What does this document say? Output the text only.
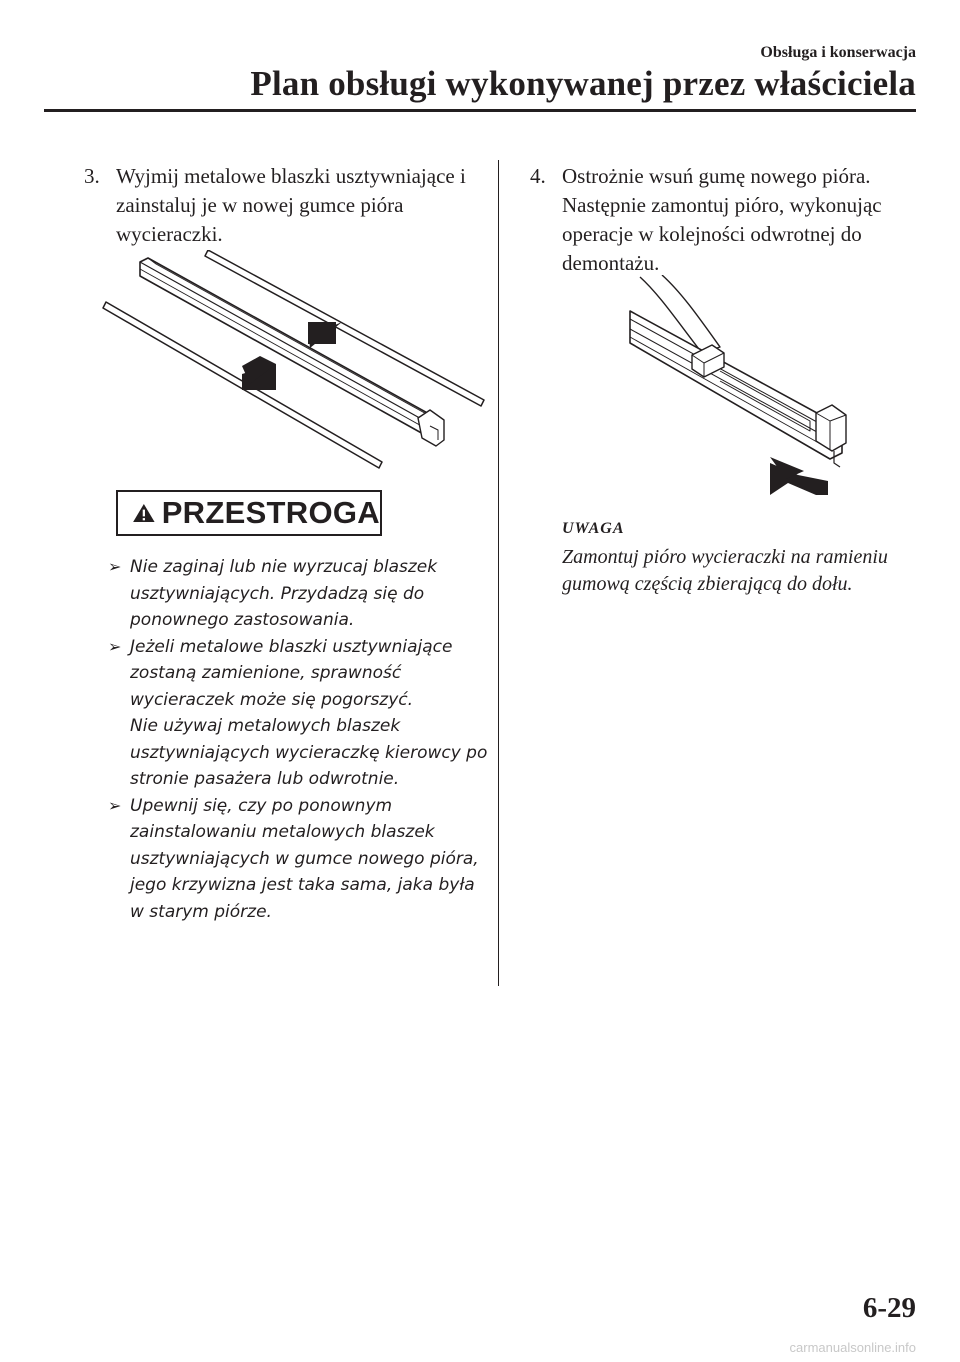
Obsługa i konserwacja
Plan obsługi wykonywanej przez właściciela
3. Wyjmij metalowe blaszki usztywniające i zainstaluj je w nowej gumce pióra wycieraczki.
PRZESTROGA
➢ Nie zaginaj lub nie wyrzucaj blaszek usztywniających. Przydadzą się do ponownego zastosowania.
➢ Jeżeli metalowe blaszki usztywniające zostaną zamienione, sprawność wycieraczek może się pogorszyć.
Nie używaj metalowych blaszek usztywniających wycieraczkę kierowcy po stronie pasażera lub odwrotnie.
➢ Upewnij się, czy po ponownym zainstalowaniu metalowych blaszek usztywniających w gumce nowego pióra, jego krzywizna jest taka sama, jaka była w starym piórze.
4. Ostrożnie wsuń gumę nowego pióra. Następnie zamontuj pióro, wykonując operacje w kolejności odwrotnej do demontażu.
UWAGA
Zamontuj pióro wycieraczki na ramieniu gumową częścią zbierającą do dołu.
6-29
carmanualsonline.info
